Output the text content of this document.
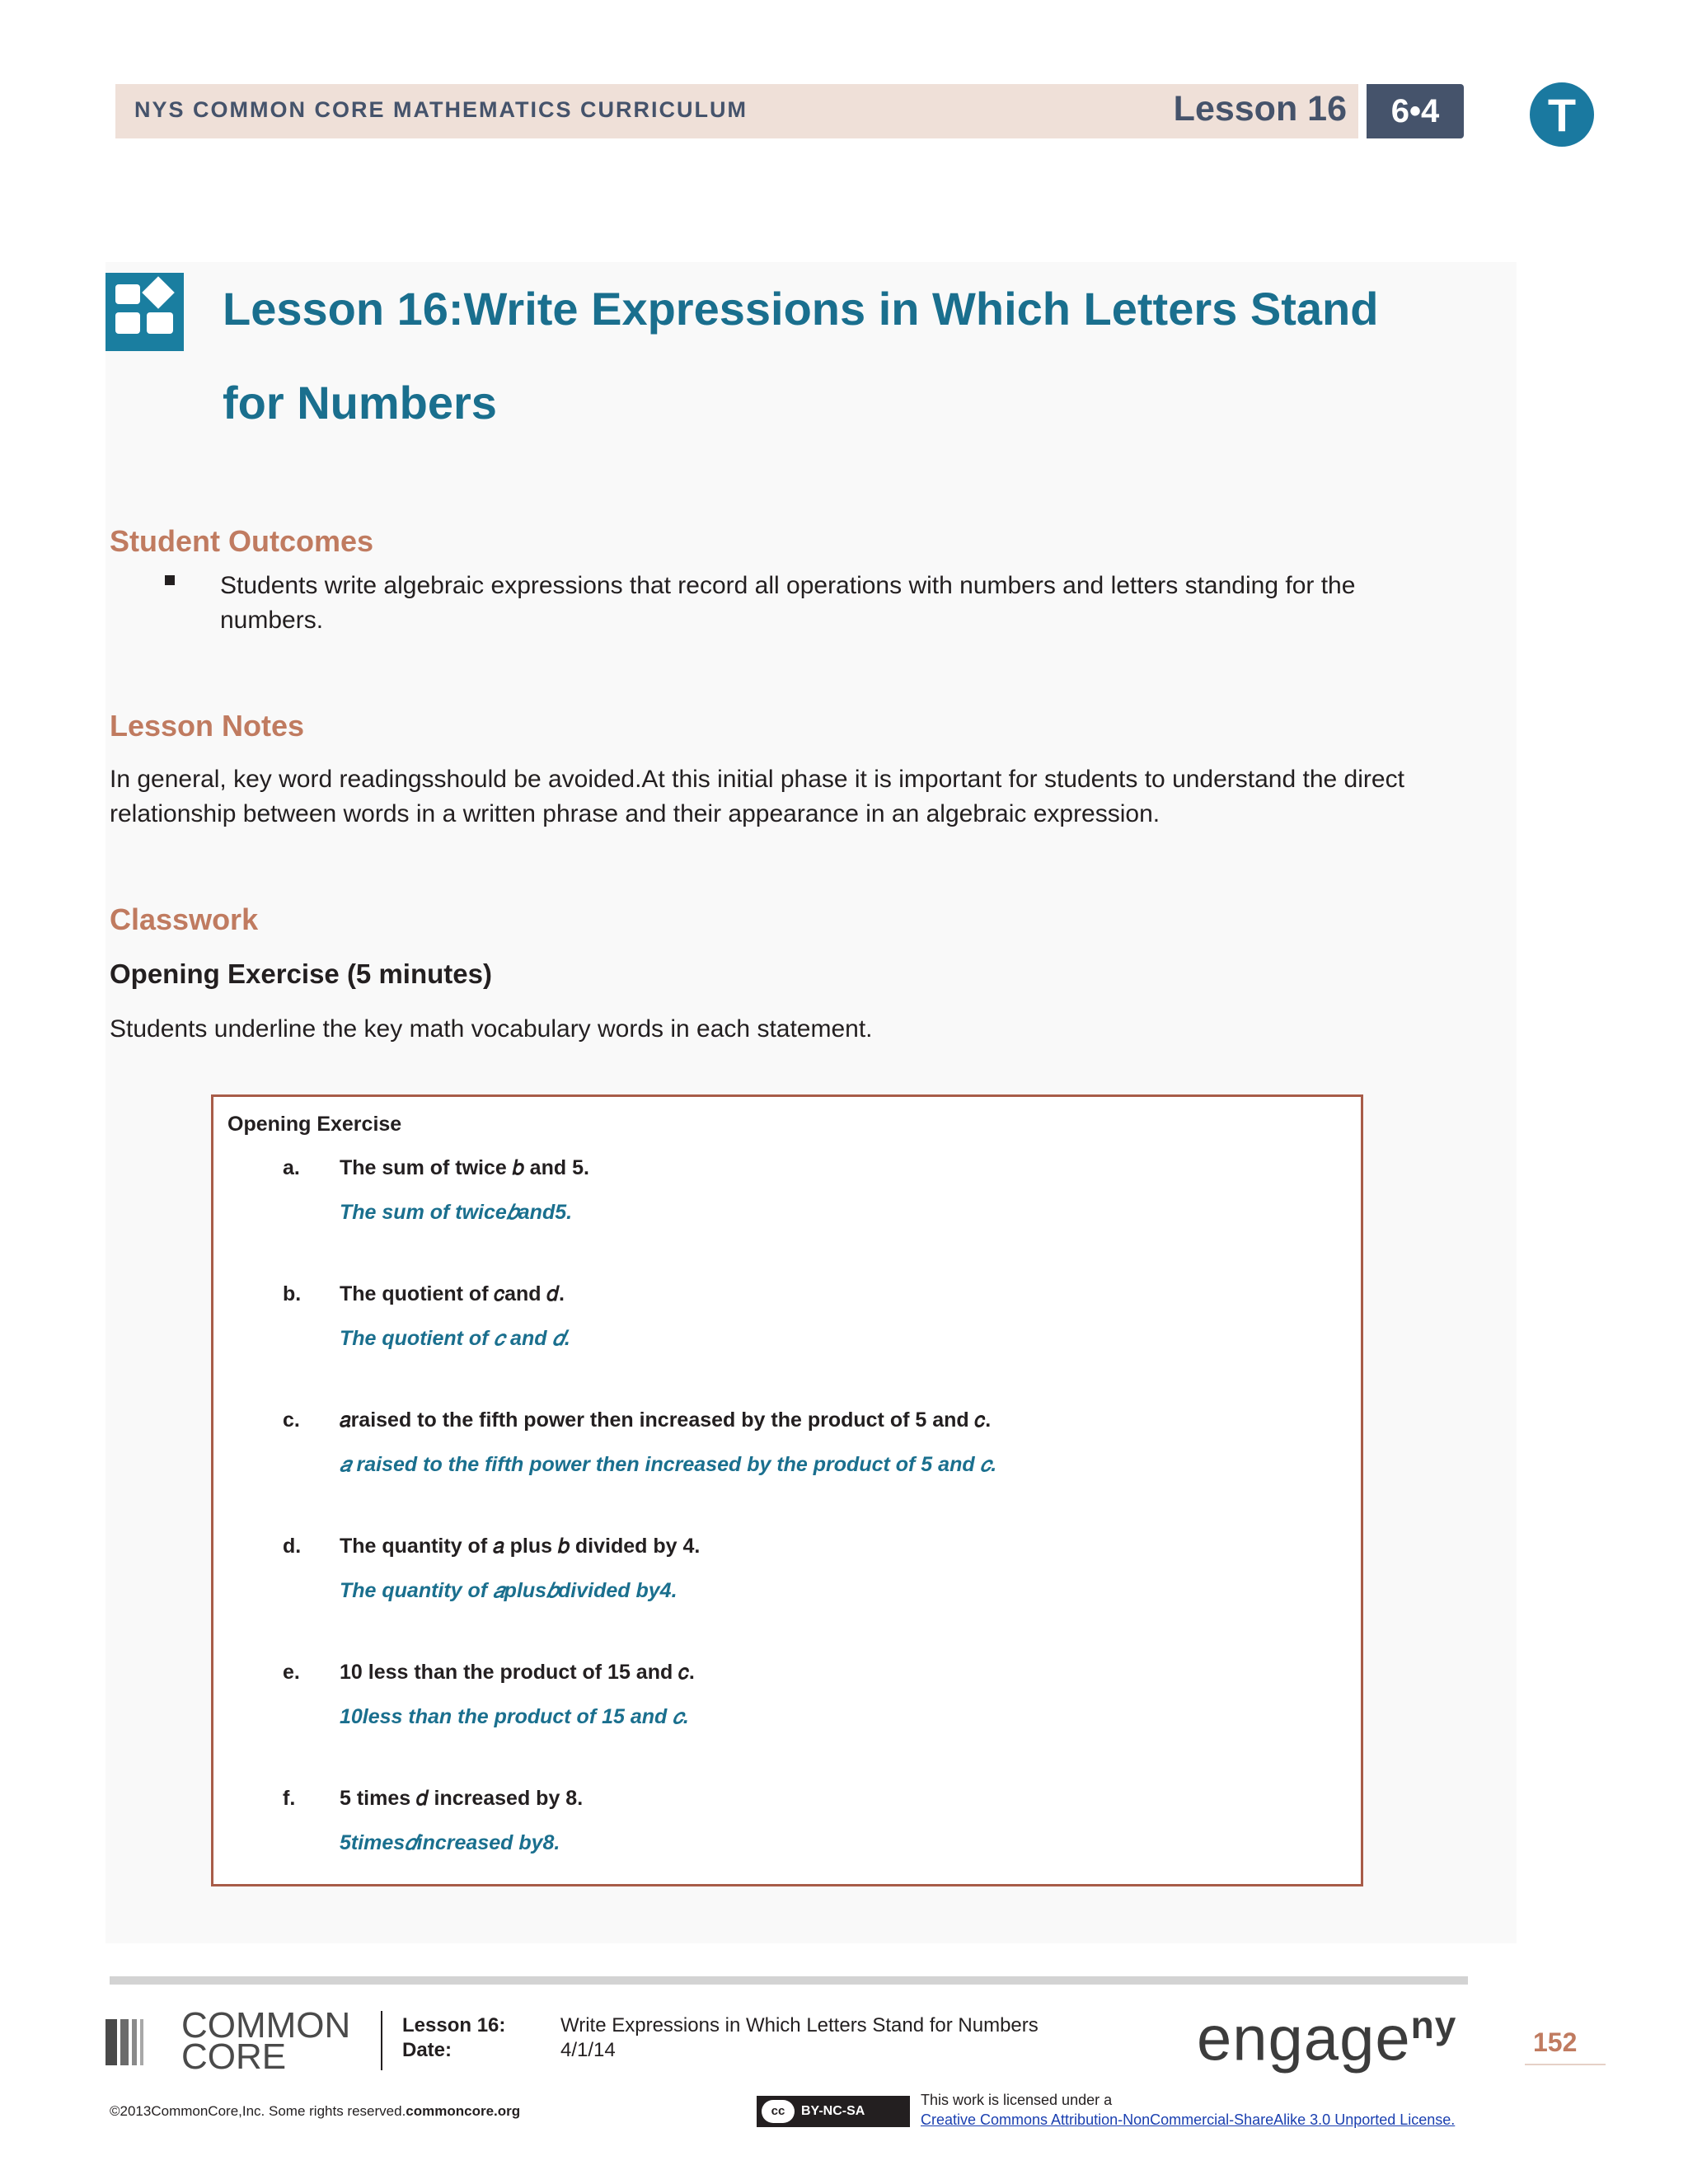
NYS COMMON CORE MATHEMATICS CURRICULUM	Lesson 16	6•4	T
Lesson 16:Write Expressions in Which Letters Stand for Numbers
Student Outcomes
Students write algebraic expressions that record all operations with numbers and letters standing for the numbers.
Lesson Notes
In general, key word readingsshould be avoided.At this initial phase it is important for students to understand the direct relationship between words in a written phrase and their appearance in an algebraic expression.
Classwork
Opening Exercise (5 minutes)
Students underline the key math vocabulary words in each statement.
Opening Exercise
a. The sum of twice 𝑏 and 5.
The sum of twice𝑏and5.
b. The quotient of 𝑐and 𝑑.
The quotient of 𝑐 and 𝑑.
c. 𝑎raised to the fifth power then increased by the product of 5 and 𝑐.
𝑎 raised to the fifth power then increased by the product of 5 and 𝑐.
d. The quantity of 𝑎 plus 𝑏 divided by 4.
The quantity of 𝑎plus𝑏divided by4.
e. 10 less than the product of 15 and 𝑐.
10less than the product of 15 and 𝑐.
f. 5 times 𝑑 increased by 8.
5times𝑑increased by8.
COMMON
CORE
Lesson 16:	Write Expressions in Which Letters Stand for Numbers
Date:	4/1/14	engage$^{ny}$	152
©2013CommonCore,Inc. Some rights reserved.commoncore.org	cc	BY-NC-SA
This work is licensed under a
Creative Commons Attribution-NonCommercial-ShareAlike 3.0 Unported License.
